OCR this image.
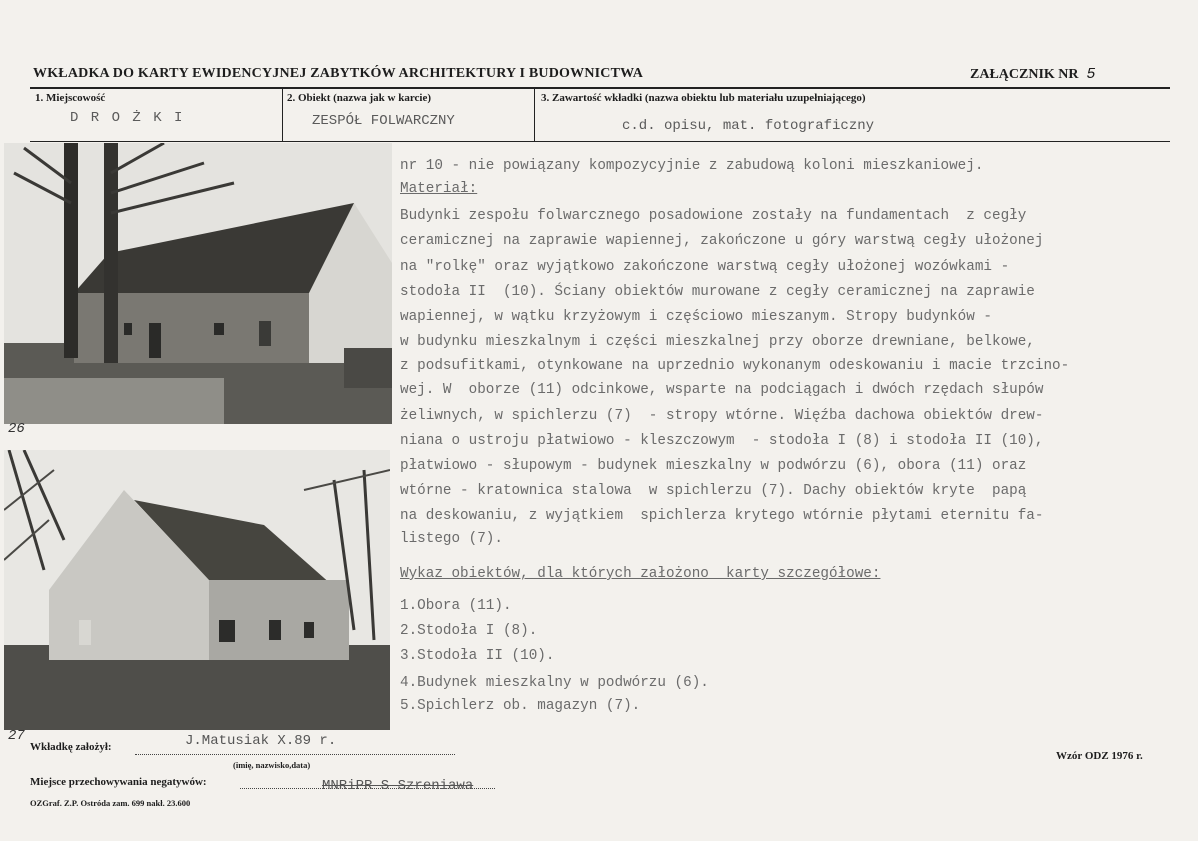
WKŁADKA DO KARTY EWIDENCYJNEJ ZABYTKÓW ARCHITEKTURY I BUDOWNICTWA	ZAŁĄCZNIK NR 5
1. Miejscowość
D R O Ż K I
2. Obiekt (nazwa jak w karcie)
ZESPÓŁ FOLWARCZNY
3. Zawartość wkładki (nazwa obiektu lub materiału uzupełniającego)
c.d. opisu, mat. fotograficzny
26
27
nr 10 - nie powiązany kompozycyjnie z zabudową koloni mieszkaniowej.
Materiał:
Budynki zespołu folwarcznego posadowione zostały na fundamentach  z cegły
ceramicznej na zaprawie wapiennej, zakończone u góry warstwą cegły ułożonej
na "rolkę" oraz wyjątkowo zakończone warstwą cegły ułożonej wozówkami -
stodoła II  (10). Ściany obiektów murowane z cegły ceramicznej na zaprawie
wapiennej, w wątku krzyżowym i częściowo mieszanym. Stropy budynków -
w budynku mieszkalnym i części mieszkalnej przy oborze drewniane, belkowe,
z podsufitkami, otynkowane na uprzednio wykonanym odeskowaniu i macie trzcino-
wej. W  oborze (11) odcinkowe, wsparte na podciągach i dwóch rzędach słupów
żeliwnych, w spichlerzu (7)  - stropy wtórne. Więźba dachowa obiektów drew-
niana o ustroju płatwiowo - kleszczowym  - stodoła I (8) i stodoła II (10),
płatwiowo - słupowym - budynek mieszkalny w podwórzu (6), obora (11) oraz
wtórne - kratownica stalowa  w spichlerzu (7). Dachy obiektów kryte  papą
na deskowaniu, z wyjątkiem  spichlerza krytego wtórnie płytami eternitu fa-
listego (7).
Wykaz obiektów, dla których założono  karty szczegółowe:
1.Obora (11).
2.Stodoła I (8).
3.Stodoła II (10).
4.Budynek mieszkalny w podwórzu (6).
5.Spichlerz ob. magazyn (7).
Wkładkę założył:	J.Matusiak X.89 r.
(imię, nazwisko,data)
Miejsce przechowywania negatywów:	MNRiPR S Szreniawa
OZGraf. Z.P. Ostróda zam. 699 nakł. 23.600
Wzór ODZ 1976 r.
